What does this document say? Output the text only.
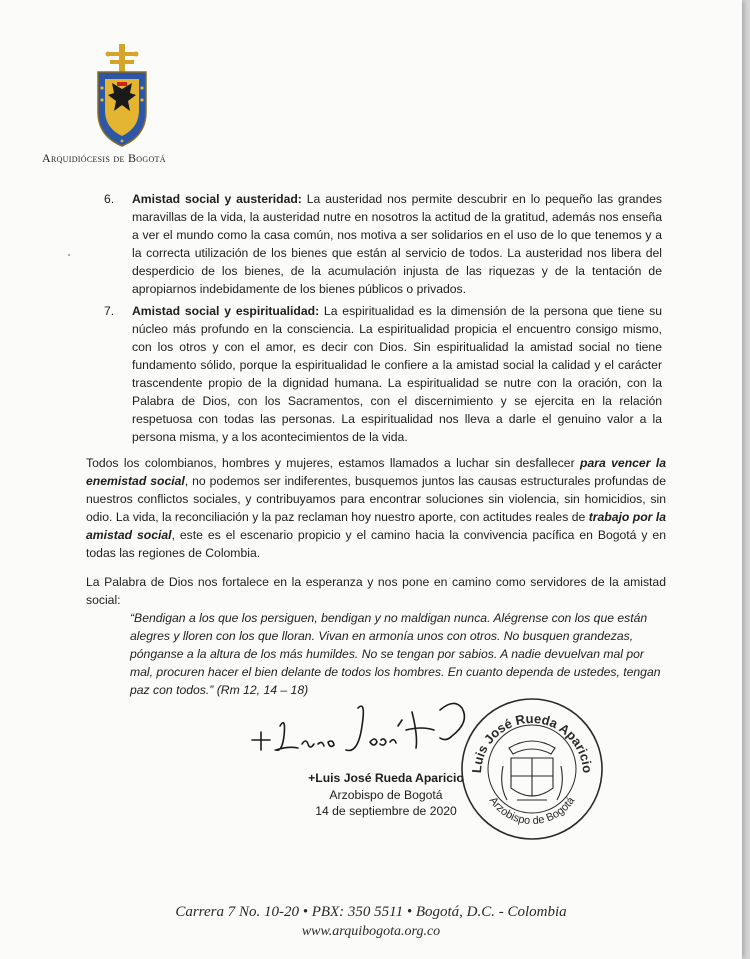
Arquidiócesis de Bogotá
6. Amistad social y austeridad: La austeridad nos permite descubrir en lo pequeño las grandes maravillas de la vida, la austeridad nutre en nosotros la actitud de la gratitud, además nos enseña a ver el mundo como la casa común, nos motiva a ser solidarios en el uso de lo que tenemos y a la correcta utilización de los bienes que están al servicio de todos. La austeridad nos libera del desperdicio de los bienes, de la acumulación injusta de las riquezas y de la tentación de apropiarnos indebidamente de los bienes públicos o privados.
7. Amistad social y espiritualidad: La espiritualidad es la dimensión de la persona que tiene su núcleo más profundo en la consciencia. La espiritualidad propicia el encuentro consigo mismo, con los otros y con el amor, es decir con Dios. Sin espiritualidad la amistad social no tiene fundamento sólido, porque la espiritualidad le confiere a la amistad social la calidad y el carácter trascendente propio de la dignidad humana. La espiritualidad se nutre con la oración, con la Palabra de Dios, con los Sacramentos, con el discernimiento y se ejercita en la relación respetuosa con todas las personas. La espiritualidad nos lleva a darle el genuino valor a la persona misma, y a los acontecimientos de la vida.
Todos los colombianos, hombres y mujeres, estamos llamados a luchar sin desfallecer para vencer la enemistad social, no podemos ser indiferentes, busquemos juntos las causas estructurales profundas de nuestros conflictos sociales, y contribuyamos para encontrar soluciones sin violencia, sin homicidios, sin odio. La vida, la reconciliación y la paz reclaman hoy nuestro aporte, con actitudes reales de trabajo por la amistad social, este es el escenario propicio y el camino hacia la convivencia pacífica en Bogotá y en todas las regiones de Colombia.
La Palabra de Dios nos fortalece en la esperanza y nos pone en camino como servidores de la amistad social:
“Bendigan a los que los persiguen, bendigan y no maldigan nunca. Alégrense con los que están alegres y lloren con los que lloran. Vivan en armonía unos con otros. No busquen grandezas, pónganse a la altura de los más humildes. No se tengan por sabios. A nadie devuelvan mal por mal, procuren hacer el bien delante de todos los hombres. En cuanto dependa de ustedes, tengan paz con todos.” (Rm 12, 14 – 18)
+Luis José Rueda Aparicio
Arzobispo de Bogotá
14 de septiembre de 2020
Luis José Rueda Aparicio
Arzobispo de Bogotá
Carrera 7 No. 10-20 • PBX: 350 5511 • Bogotá, D.C. - Colombia
www.arquibogota.org.co
